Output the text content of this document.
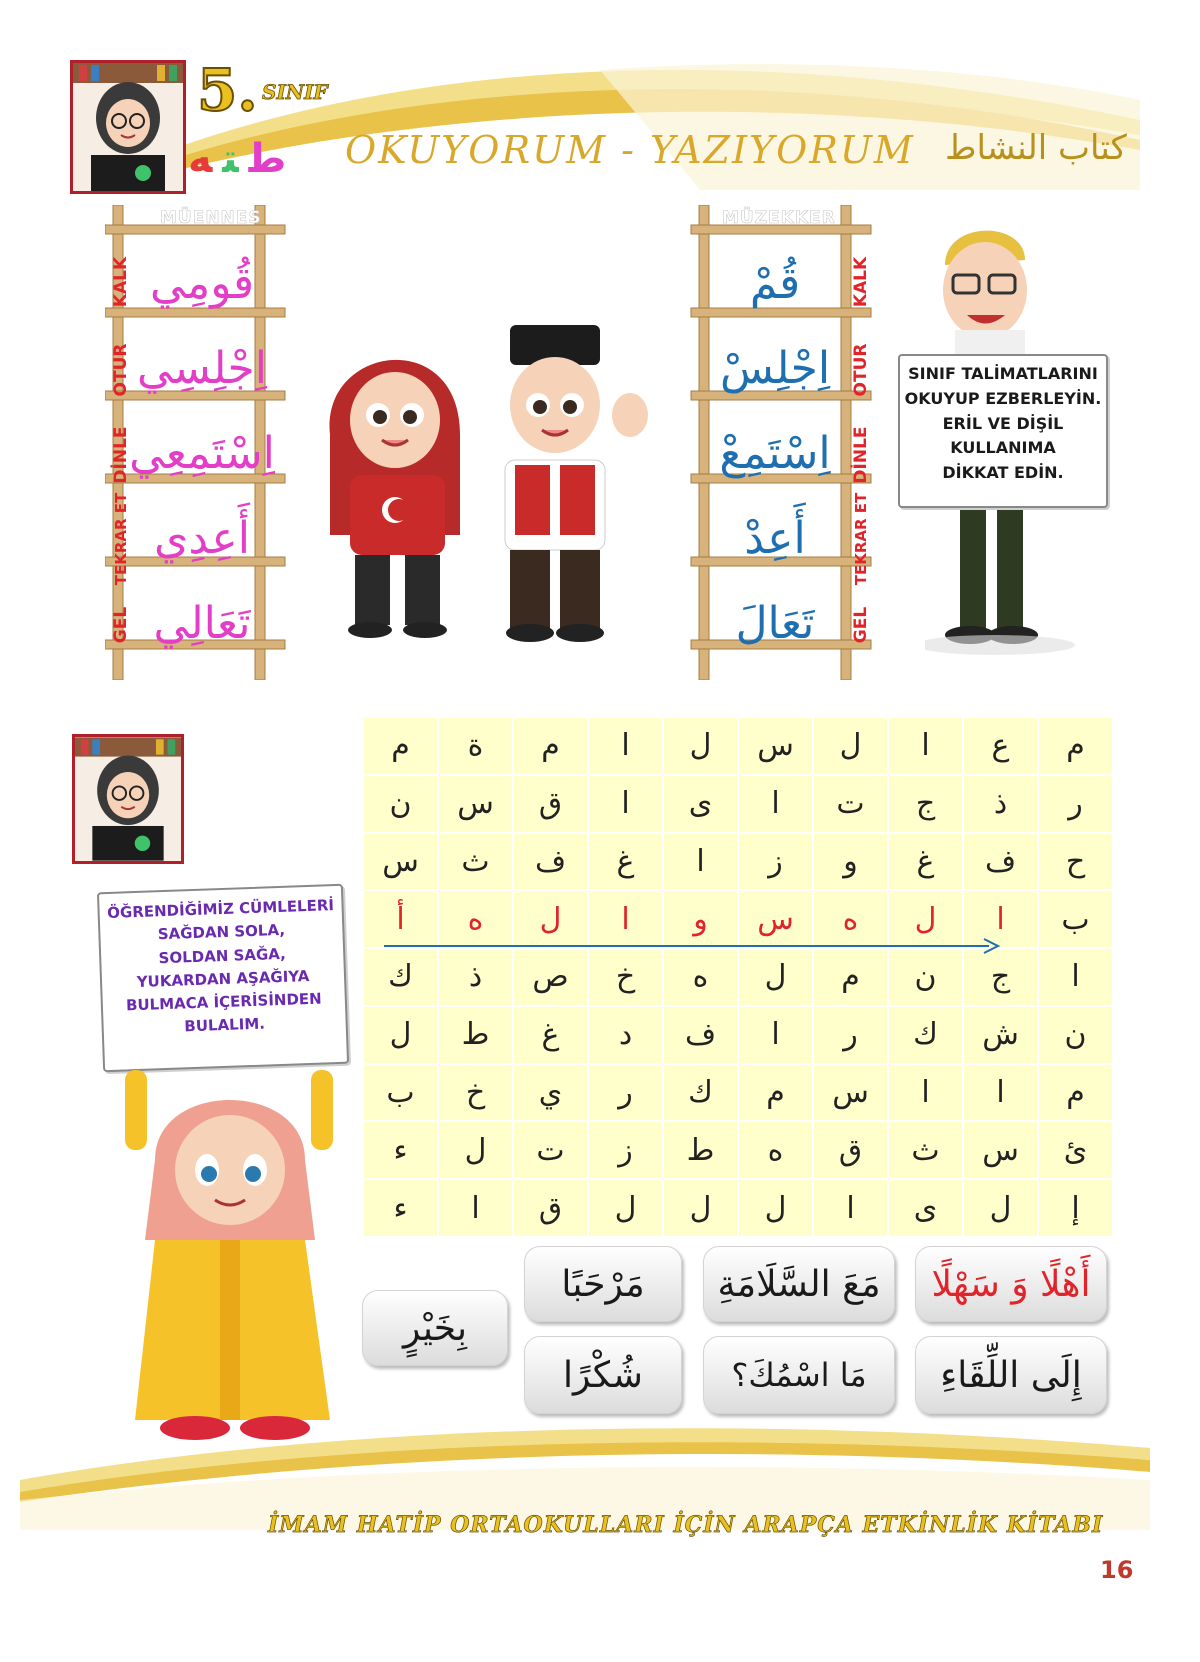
5. SINIF
طته	OKUYORUM - YAZIYORUM كتاب النشاط
MÜENNES	MÜZEKKER
KALK قُومِي
OTUR اِجْلِسِي
DİNLE
اِسْتَمِعِي
TEKRAR ET أَعِدِي
GEL تَعَالِي
KALK
قُمْ
OTUR
اِجْلِسْ
DİNLE
اِسْتَمِعْ
TEKRAR ET
أَعِدْ
GEL
تَعَالَ
SINIF TALİMATLARINI
OKUYUP EZBERLEYİN.
ERİL VE DİŞİL
KULLANIMA
DİKKAT EDİN.
ÖĞRENDİĞİMİZ CÜMLELERİ
SAĞDAN SOLA,
SOLDAN SAĞA,
YUKARDAN AŞAĞIYA
BULMACA İÇERİSİNDEN
BULALIM.
م	ة	م	ا	ل	س	ل	ا	ع	م
ن	س	ق	ا	ى	ا	ت	ج	ذ	ر
س	ث	ف	غ	ا	ز	و	غ	ف	ح
أ	ه	ل	ا	و	س	ه	ل	ا	ب
ك	ذ	ص	خ	ه	ل	م	ن	ج	ا
ل	ط	غ	د	ف	ا	ر	ك	ش	ن
ب	خ	ي	ر	ك	م	س	ا	ا	م
ء	ل	ت	ز	ط	ه	ق	ث	س	ئ
ء	ا	ق	ل	ل	ل	ا	ى	ل	إ
أَهْلًا وَ سَهْلًا
مَعَ السَّلَامَةِ
مَرْحَبًا
بِخَيْرٍ
إِلَى اللِّقَاءِ
مَا اسْمُكَ؟
شُكْرًا
İMAM HATİP ORTAOKULLARI İÇİN ARAPÇA ETKİNLİK KİTABI
16
